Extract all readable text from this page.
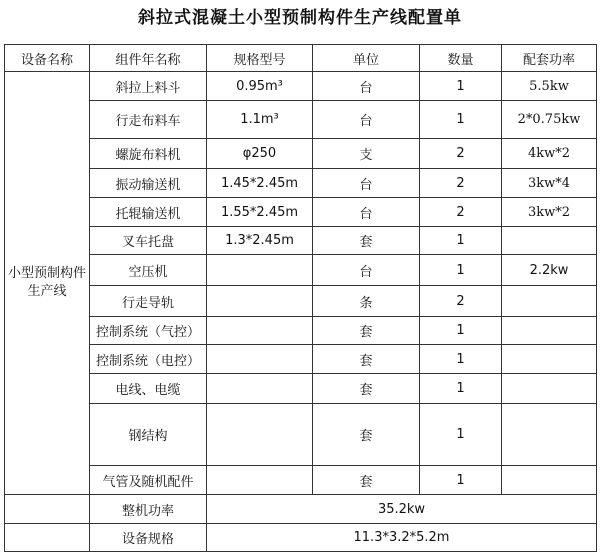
斜拉式混凝土小型预制构件生产线配置单
设备名称	组件年名称	规格型号	单位	数量	配套功率
小型预制构件生产线	斜拉上料斗	0.95m³	台	1	5.5kw
	行走布料车	1.1m³	台	1	2*0.75kw
	螺旋布料机	φ250	支	2	4kw*2
	振动输送机	1.45*2.45m	台	2	3kw*4
	托辊输送机	1.55*2.45m	台	2	3kw*2
	叉车托盘	1.3*2.45m	套	1	
	空压机		台	1	2.2kw
	行走导轨		条	2	
	控制系统（气控）		套	1	
	控制系统（电控）		套	1	
	电线、电缆		套	1	
	钢结构		套	1	
	气管及随机配件		套	1	
	整机功率	35.2kw			
	设备规格	11.3*3.2*5.2m			
